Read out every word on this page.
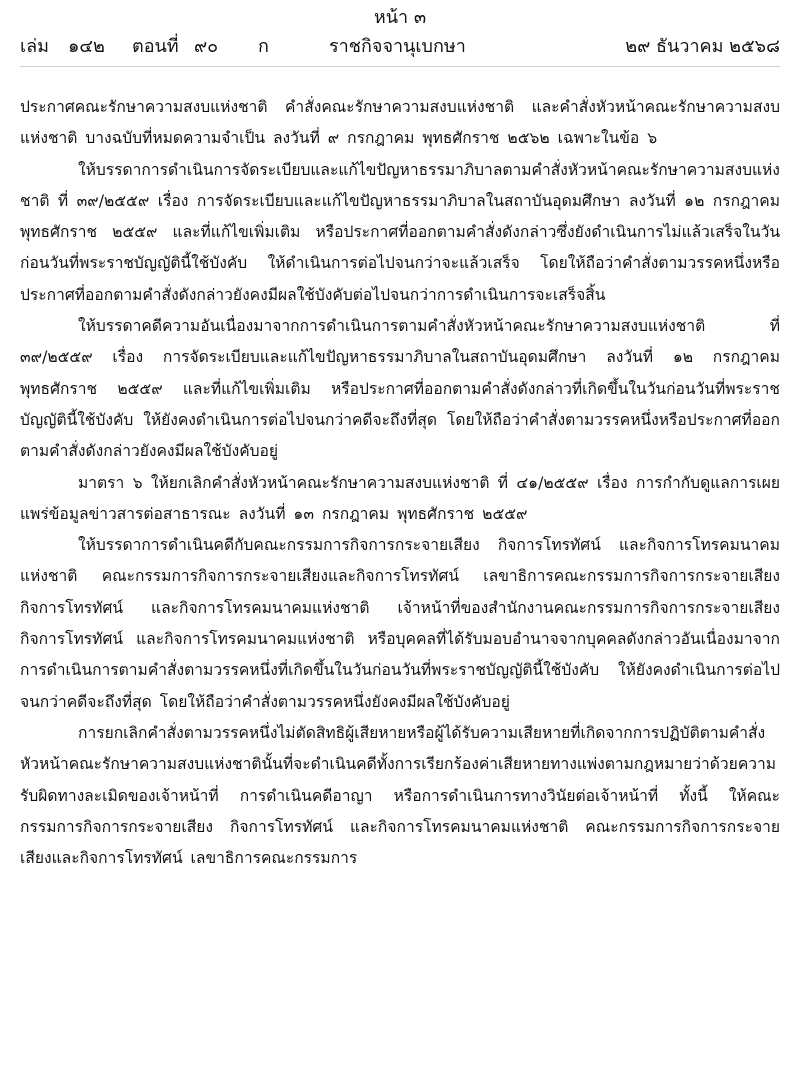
หน้า ๓
เล่ม ๑๔๒ ตอนที่ ๙๐ ก	ราชกิจจานุเบกษา	๒๙ ธันวาคม ๒๕๖๘

ประกาศคณะรักษาความสงบแห่งชาติ คำสั่งคณะรักษาความสงบแห่งชาติ และคำสั่งหัวหน้าคณะรักษาความสงบแห่งชาติ บางฉบับที่หมดความจำเป็น ลงวันที่ ๙ กรกฎาคม พุทธศักราช ๒๕๖๒ เฉพาะในข้อ ๖

ให้บรรดาการดำเนินการจัดระเบียบและแก้ไขปัญหาธรรมาภิบาลตามคำสั่งหัวหน้าคณะรักษาความสงบแห่งชาติ ที่ ๓๙/๒๕๕๙ เรื่อง การจัดระเบียบและแก้ไขปัญหาธรรมาภิบาลในสถาบันอุดมศึกษา ลงวันที่ ๑๒ กรกฎาคม พุทธศักราช ๒๕๕๙ และที่แก้ไขเพิ่มเติม หรือประกาศที่ออกตามคำสั่งดังกล่าวซึ่งยังดำเนินการไม่แล้วเสร็จในวันก่อนวันที่พระราชบัญญัตินี้ใช้บังคับ ให้ดำเนินการต่อไปจนกว่าจะแล้วเสร็จ โดยให้ถือว่าคำสั่งตามวรรคหนึ่งหรือประกาศที่ออกตามคำสั่งดังกล่าวยังคงมีผลใช้บังคับต่อไปจนกว่าการดำเนินการจะเสร็จสิ้น

ให้บรรดาคดีความอันเนื่องมาจากการดำเนินการตามคำสั่งหัวหน้าคณะรักษาความสงบแห่งชาติ ที่ ๓๙/๒๕๕๙ เรื่อง การจัดระเบียบและแก้ไขปัญหาธรรมาภิบาลในสถาบันอุดมศึกษา ลงวันที่ ๑๒ กรกฎาคม พุทธศักราช ๒๕๕๙ และที่แก้ไขเพิ่มเติม หรือประกาศที่ออกตามคำสั่งดังกล่าวที่เกิดขึ้นในวันก่อนวันที่พระราชบัญญัตินี้ใช้บังคับ ให้ยังคงดำเนินการต่อไปจนกว่าคดีจะถึงที่สุด โดยให้ถือว่าคำสั่งตามวรรคหนึ่งหรือประกาศที่ออกตามคำสั่งดังกล่าวยังคงมีผลใช้บังคับอยู่

มาตรา ๖ ให้ยกเลิกคำสั่งหัวหน้าคณะรักษาความสงบแห่งชาติ ที่ ๔๑/๒๕๕๙ เรื่อง การกำกับดูแลการเผยแพร่ข้อมูลข่าวสารต่อสาธารณะ ลงวันที่ ๑๓ กรกฎาคม พุทธศักราช ๒๕๕๙

ให้บรรดาการดำเนินคดีกับคณะกรรมการกิจการกระจายเสียง กิจการโทรทัศน์ และกิจการโทรคมนาคมแห่งชาติ คณะกรรมการกิจการกระจายเสียงและกิจการโทรทัศน์ เลขาธิการคณะกรรมการกิจการกระจายเสียง กิจการโทรทัศน์ และกิจการโทรคมนาคมแห่งชาติ เจ้าหน้าที่ของสำนักงานคณะกรรมการกิจการกระจายเสียง กิจการโทรทัศน์ และกิจการโทรคมนาคมแห่งชาติ หรือบุคคลที่ได้รับมอบอำนาจจากบุคคลดังกล่าวอันเนื่องมาจากการดำเนินการตามคำสั่งตามวรรคหนึ่งที่เกิดขึ้นในวันก่อนวันที่พระราชบัญญัตินี้ใช้บังคับ ให้ยังคงดำเนินการต่อไปจนกว่าคดีจะถึงที่สุด โดยให้ถือว่าคำสั่งตามวรรคหนึ่งยังคงมีผลใช้บังคับอยู่

การยกเลิกคำสั่งตามวรรคหนึ่งไม่ตัดสิทธิผู้เสียหายหรือผู้ได้รับความเสียหายที่เกิดจากการปฏิบัติตามคำสั่งหัวหน้าคณะรักษาความสงบแห่งชาตินั้นที่จะดำเนินคดีทั้งการเรียกร้องค่าเสียหายทางแพ่งตามกฎหมายว่าด้วยความรับผิดทางละเมิดของเจ้าหน้าที่ การดำเนินคดีอาญา หรือการดำเนินการทางวินัยต่อเจ้าหน้าที่ ทั้งนี้ ให้คณะกรรมการกิจการกระจายเสียง กิจการโทรทัศน์ และกิจการโทรคมนาคมแห่งชาติ คณะกรรมการกิจการกระจายเสียงและกิจการโทรทัศน์ เลขาธิการคณะกรรมการ
